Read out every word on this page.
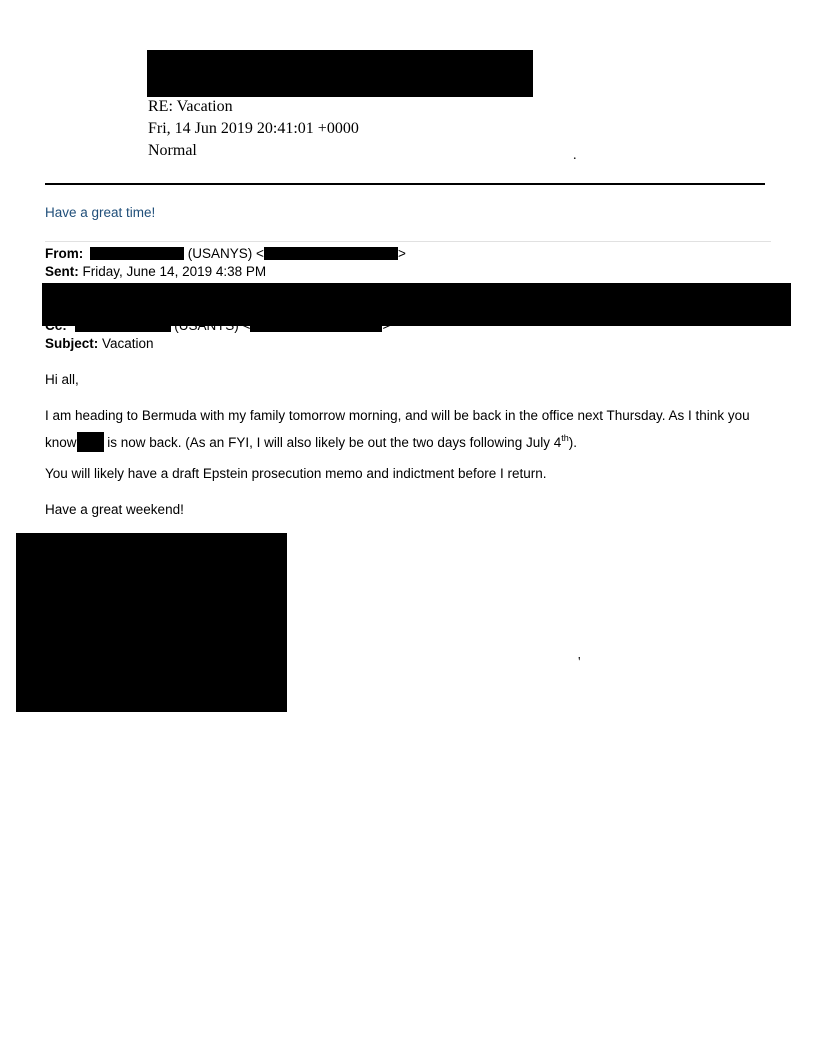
RE: Vacation
Fri, 14 Jun 2019 20:41:01 +0000
Normal	.
Have a great time!
From:	(USANYS) <	>
Sent: Friday, June 14, 2019 4:38 PM

Subject: Vacation
Hi all,
I am heading to Bermuda with my family tomorrow morning, and will be back in the office next Thursday. As I think you
know is now back. (As an FYI, I will also likely be out the two days following July 4th).
You will likely have a draft Epstein prosecution memo and indictment before I return.
Have a great weekend!
'
